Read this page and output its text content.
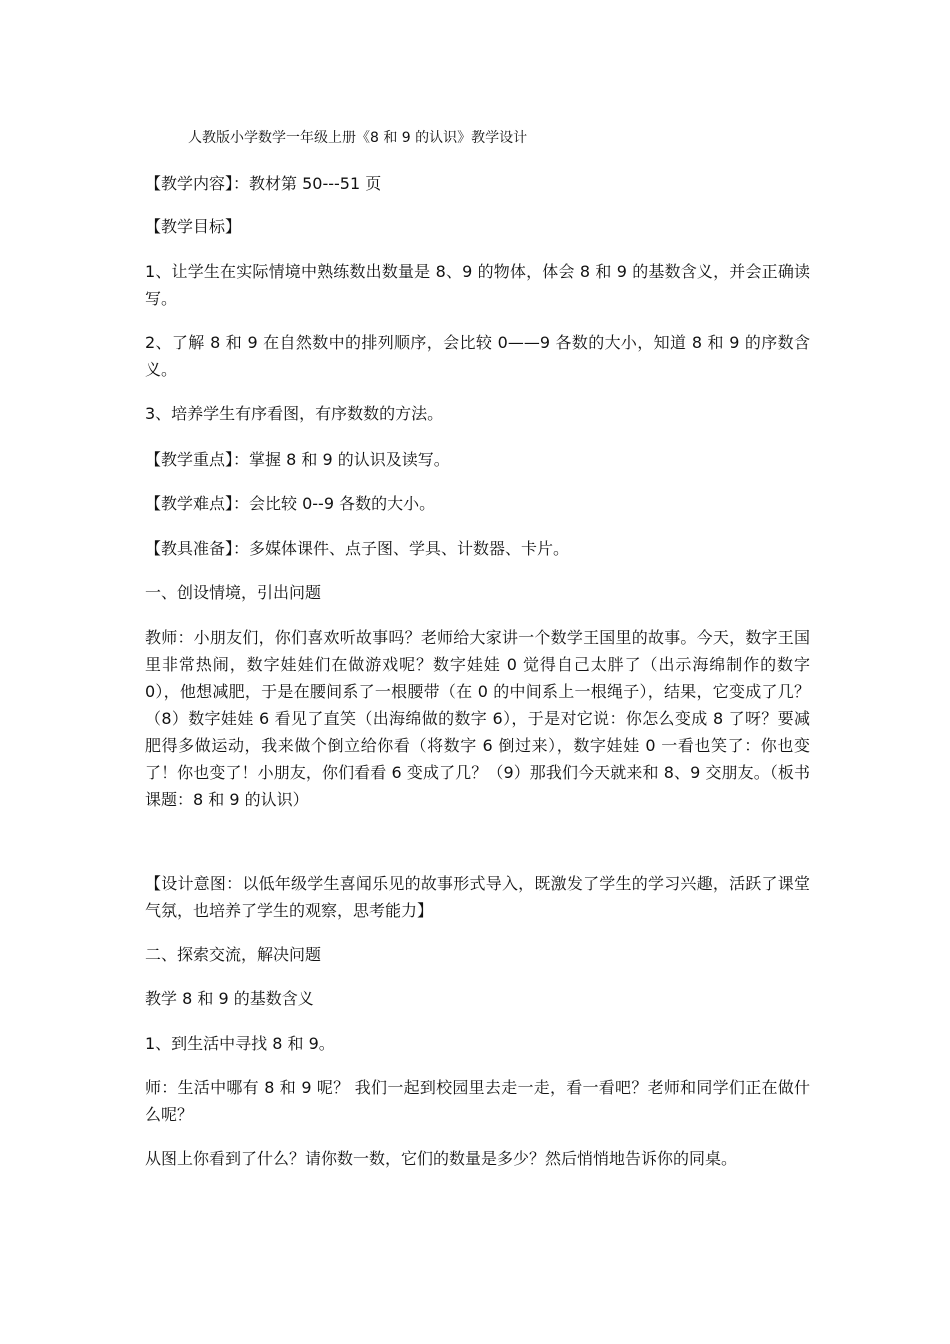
人教版小学数学一年级上册《8 和 9 的认识》教学设计

【教学内容】：教材第 50---51 页

【教学目标】

1、让学生在实际情境中熟练数出数量是 8、9 的物体，体会 8 和 9 的基数含义，并会正确读写。

2、了解 8 和 9 在自然数中的排列顺序，会比较 0——9 各数的大小，知道 8 和 9 的序数含义。

3、培养学生有序看图，有序数数的方法。

【教学重点】：掌握 8 和 9 的认识及读写。

【教学难点】：会比较 0--9 各数的大小。

【教具准备】：多媒体课件、点子图、学具、计数器、卡片。

一、创设情境，引出问题

教师：小朋友们，你们喜欢听故事吗？老师给大家讲一个数学王国里的故事。今天，数字王国里非常热闹，数字娃娃们在做游戏呢？数字娃娃 0 觉得自己太胖了（出示海绵制作的数字 0），他想减肥，于是在腰间系了一根腰带（在 0 的中间系上一根绳子），结果，它变成了几？（8）数字娃娃 6 看见了直笑（出海绵做的数字 6），于是对它说：你怎么变成 8 了呀？要减肥得多做运动，我来做个倒立给你看（将数字 6 倒过来），数字娃娃 0 一看也笑了：你也变了！你也变了！小朋友，你们看看 6 变成了几？（9）那我们今天就来和 8、9 交朋友。（板书课题：8 和 9 的认识）

【设计意图：以低年级学生喜闻乐见的故事形式导入，既激发了学生的学习兴趣，活跃了课堂气氛，也培养了学生的观察，思考能力】

二、探索交流，解决问题

教学 8 和 9 的基数含义

1、到生活中寻找 8 和 9。

师：生活中哪有 8 和 9 呢？ 我们一起到校园里去走一走，看一看吧？老师和同学们正在做什么呢？

从图上你看到了什么？请你数一数，它们的数量是多少？然后悄悄地告诉你的同桌。
